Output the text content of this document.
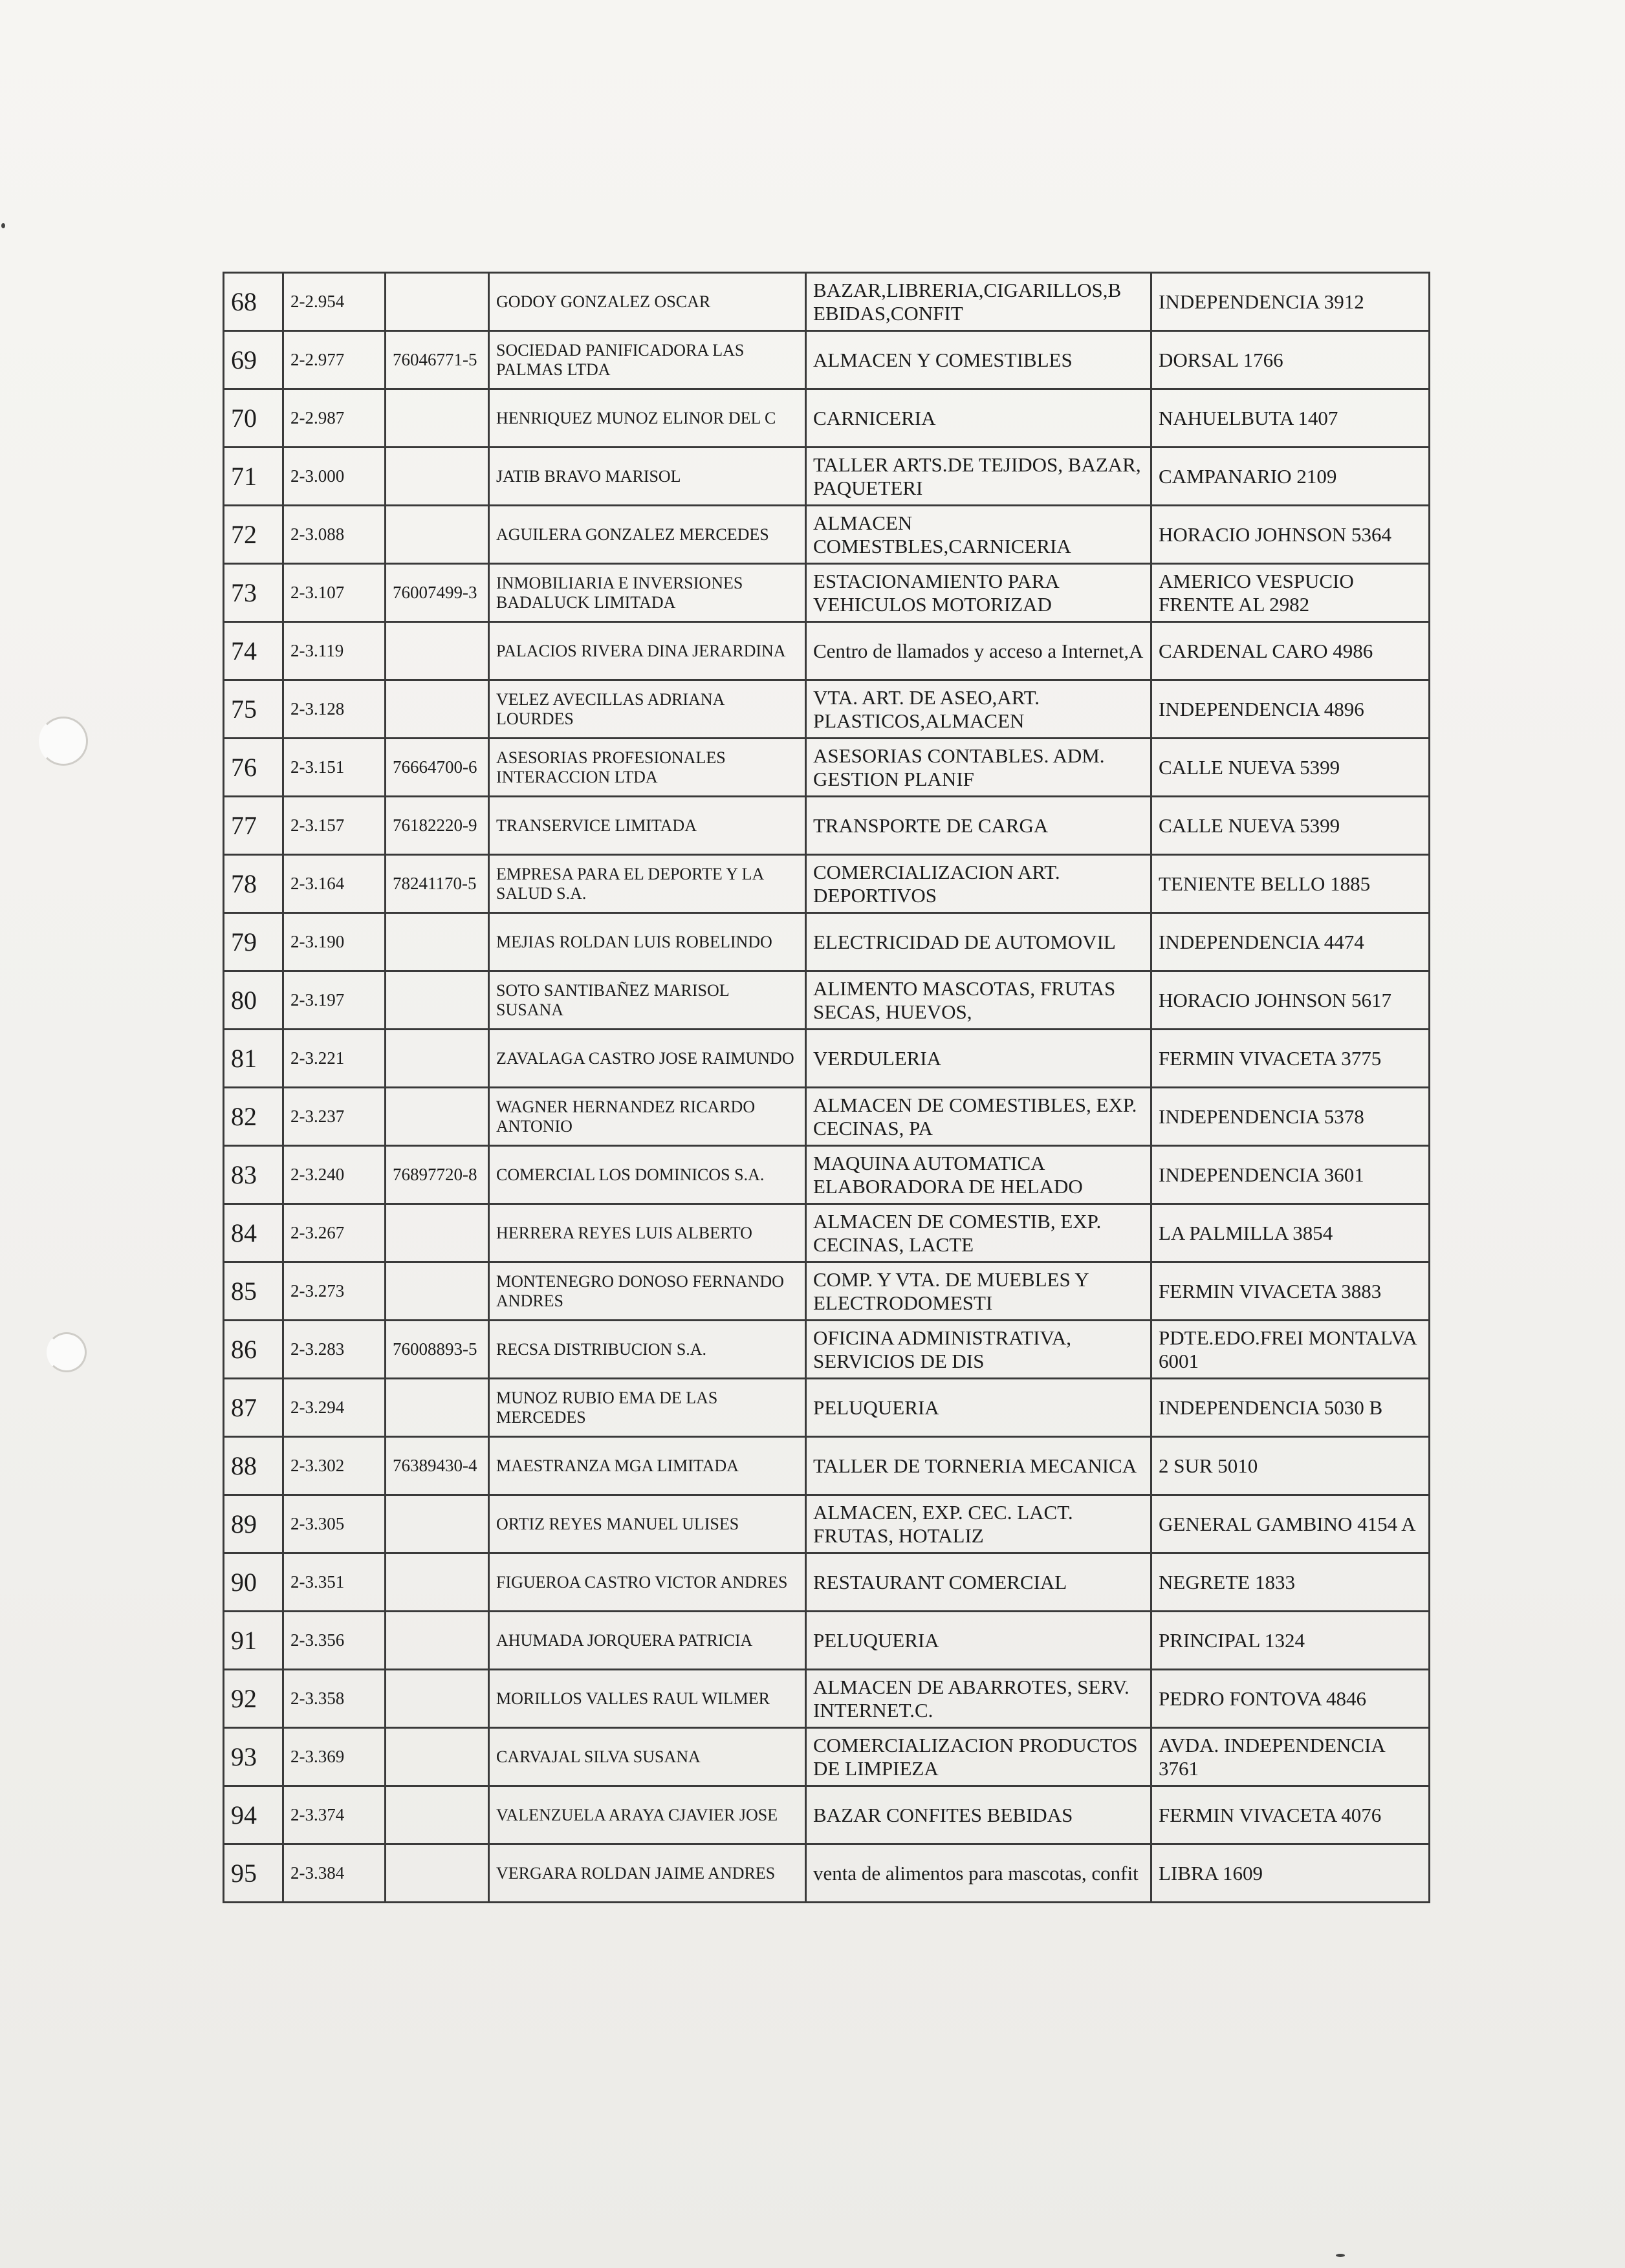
68	2-2.954		GODOY GONZALEZ OSCAR	BAZAR,LIBRERIA,CIGARILLOS,B EBIDAS,CONFIT	INDEPENDENCIA 3912
69	2-2.977	76046771-5	SOCIEDAD PANIFICADORA LAS PALMAS LTDA	ALMACEN Y COMESTIBLES	DORSAL 1766
70	2-2.987		HENRIQUEZ MUNOZ ELINOR DEL C	CARNICERIA	NAHUELBUTA 1407
71	2-3.000		JATIB BRAVO MARISOL	TALLER ARTS.DE TEJIDOS, BAZAR, PAQUETERI	CAMPANARIO 2109
72	2-3.088		AGUILERA GONZALEZ MERCEDES	ALMACEN COMESTBLES,CARNICERIA	HORACIO JOHNSON 5364
73	2-3.107	76007499-3	INMOBILIARIA E INVERSIONES BADALUCK LIMITADA	ESTACIONAMIENTO PARA VEHICULOS MOTORIZAD	AMERICO VESPUCIO FRENTE AL 2982
74	2-3.119		PALACIOS RIVERA DINA JERARDINA	Centro de llamados y acceso a Internet,A	CARDENAL CARO 4986
75	2-3.128		VELEZ AVECILLAS ADRIANA LOURDES	VTA. ART. DE ASEO,ART. PLASTICOS,ALMACEN	INDEPENDENCIA 4896
76	2-3.151	76664700-6	ASESORIAS PROFESIONALES INTERACCION LTDA	ASESORIAS CONTABLES. ADM. GESTION PLANIF	CALLE NUEVA 5399
77	2-3.157	76182220-9	TRANSERVICE LIMITADA	TRANSPORTE DE CARGA	CALLE NUEVA 5399
78	2-3.164	78241170-5	EMPRESA PARA EL DEPORTE Y LA SALUD S.A.	COMERCIALIZACION ART. DEPORTIVOS	TENIENTE BELLO 1885
79	2-3.190		MEJIAS ROLDAN LUIS ROBELINDO	ELECTRICIDAD DE AUTOMOVIL	INDEPENDENCIA 4474
80	2-3.197		SOTO SANTIBAÑEZ MARISOL SUSANA	ALIMENTO MASCOTAS, FRUTAS SECAS, HUEVOS,	HORACIO JOHNSON 5617
81	2-3.221		ZAVALAGA CASTRO JOSE RAIMUNDO	VERDULERIA	FERMIN VIVACETA 3775
82	2-3.237		WAGNER HERNANDEZ RICARDO ANTONIO	ALMACEN DE COMESTIBLES, EXP. CECINAS, PA	INDEPENDENCIA 5378
83	2-3.240	76897720-8	COMERCIAL LOS DOMINICOS S.A.	MAQUINA AUTOMATICA ELABORADORA DE HELADO	INDEPENDENCIA 3601
84	2-3.267		HERRERA REYES LUIS ALBERTO	ALMACEN DE COMESTIB, EXP. CECINAS, LACTE	LA PALMILLA 3854
85	2-3.273		MONTENEGRO DONOSO FERNANDO ANDRES	COMP. Y VTA. DE MUEBLES Y ELECTRODOMESTI	FERMIN VIVACETA 3883
86	2-3.283	76008893-5	RECSA DISTRIBUCION S.A.	OFICINA ADMINISTRATIVA, SERVICIOS DE DIS	PDTE.EDO.FREI MONTALVA 6001
87	2-3.294		MUNOZ RUBIO EMA DE LAS MERCEDES	PELUQUERIA	INDEPENDENCIA 5030 B
88	2-3.302	76389430-4	MAESTRANZA MGA LIMITADA	TALLER DE TORNERIA MECANICA	2 SUR 5010
89	2-3.305		ORTIZ REYES MANUEL ULISES	ALMACEN, EXP. CEC. LACT. FRUTAS, HOTALIZ	GENERAL GAMBINO 4154 A
90	2-3.351		FIGUEROA CASTRO VICTOR ANDRES	RESTAURANT COMERCIAL	NEGRETE 1833
91	2-3.356		AHUMADA JORQUERA PATRICIA	PELUQUERIA	PRINCIPAL 1324
92	2-3.358		MORILLOS VALLES RAUL WILMER	ALMACEN DE ABARROTES, SERV. INTERNET.C.	PEDRO FONTOVA 4846
93	2-3.369		CARVAJAL SILVA SUSANA	COMERCIALIZACION PRODUCTOS DE LIMPIEZA	AVDA. INDEPENDENCIA 3761
94	2-3.374		VALENZUELA ARAYA CJAVIER JOSE	BAZAR CONFITES BEBIDAS	FERMIN VIVACETA 4076
95	2-3.384		VERGARA ROLDAN JAIME ANDRES	venta de alimentos para mascotas, confit	LIBRA 1609
